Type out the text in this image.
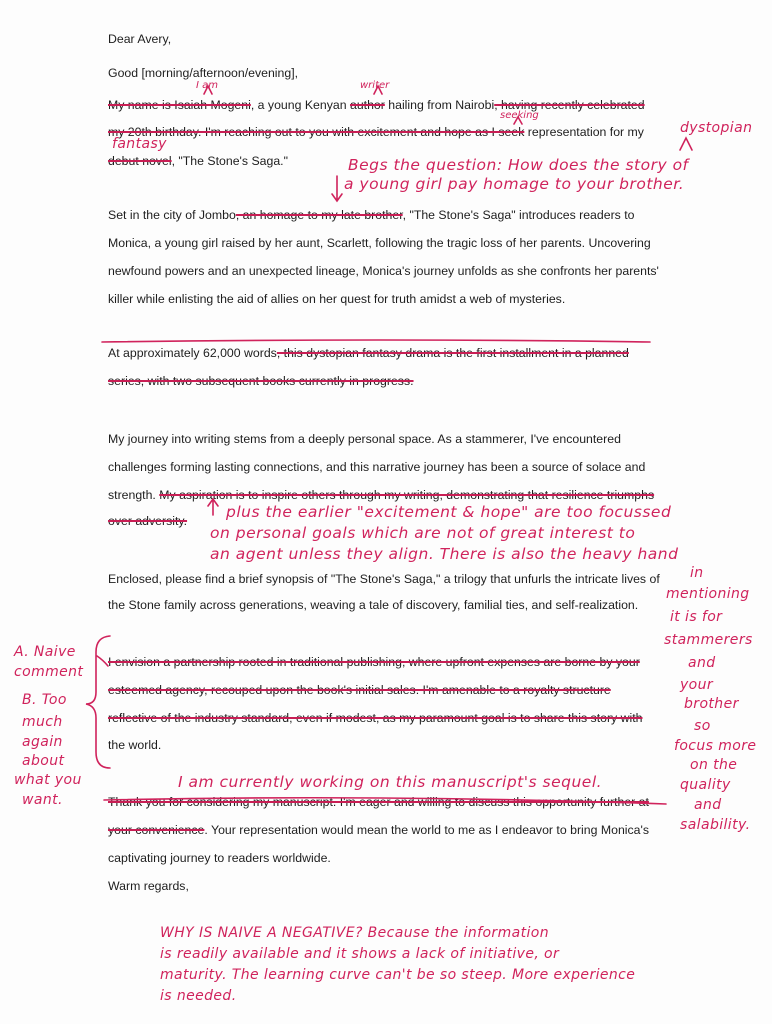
Dear Avery,
Good [morning/afternoon/evening],
My name is Isaiah Mogeni, a young Kenyan author hailing from Nairobi, having recently celebrated
my 20th birthday. I'm reaching out to you with excitement and hope as I seek representation for my
debut novel, "The Stone's Saga."
Set in the city of Jombo, an homage to my late brother, "The Stone's Saga" introduces readers to
Monica, a young girl raised by her aunt, Scarlett, following the tragic loss of her parents. Uncovering
newfound powers and an unexpected lineage, Monica's journey unfolds as she confronts her parents'
killer while enlisting the aid of allies on her quest for truth amidst a web of mysteries.
At approximately 62,000 words, this dystopian fantasy drama is the first installment in a planned
series, with two subsequent books currently in progress.
My journey into writing stems from a deeply personal space. As a stammerer, I've encountered
challenges forming lasting connections, and this narrative journey has been a source of solace and
strength. My aspiration is to inspire others through my writing, demonstrating that resilience triumphs
over adversity.
Enclosed, please find a brief synopsis of "The Stone's Saga," a trilogy that unfurls the intricate lives of
the Stone family across generations, weaving a tale of discovery, familial ties, and self-realization.
I envision a partnership rooted in traditional publishing, where upfront expenses are borne by your
esteemed agency, recouped upon the book's initial sales. I'm amenable to a royalty structure
reflective of the industry standard, even if modest, as my paramount goal is to share this story with
the world.
Thank you for considering my manuscript. I'm eager and willing to discuss this opportunity further at
your convenience. Your representation would mean the world to me as I endeavor to bring Monica's
captivating journey to readers worldwide.
Warm regards,
I am	writer
seeking
dystopian
fantasy
Begs the question: How does the story of
a young girl pay homage to your brother.
plus the earlier "excitement & hope" are too focussed
on personal goals which are not of great interest to
an agent unless they align. There is also the heavy hand
in
mentioning
it is for
stammerers
and
your
brother
so
focus more
on the
quality
and
salability.
A. Naive
comment
B. Too
much
again
about
what you
want.
I am currently working on this manuscript's sequel.
WHY IS NAIVE A NEGATIVE? Because the information
is readily available and it shows a lack of initiative, or
maturity. The learning curve can't be so steep. More experience
is needed.
